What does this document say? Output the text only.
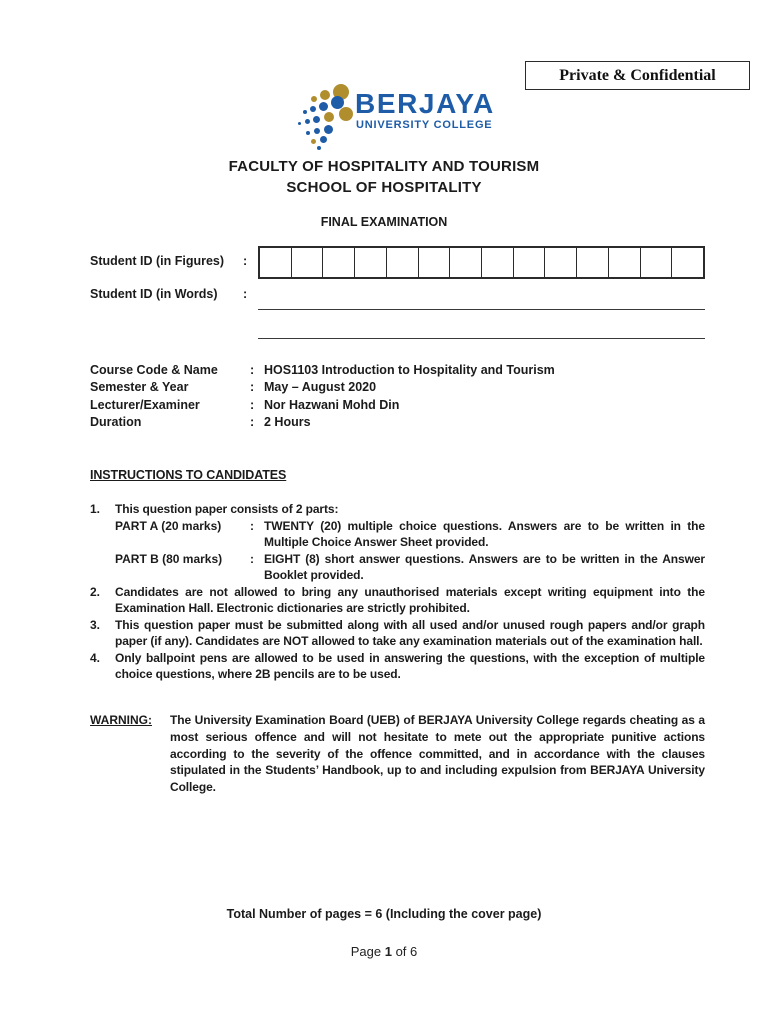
Private & Confidential
BERJAYA
UNIVERSITY COLLEGE
FACULTY OF HOSPITALITY AND TOURISM
SCHOOL OF HOSPITALITY
FINAL EXAMINATION
Student ID (in Figures) :
Student ID (in Words) :
Course Code & Name	: HOS1103 Introduction to Hospitality and Tourism
Semester & Year	: May – August 2020
Lecturer/Examiner	: Nor Hazwani Mohd Din
Duration	: 2 Hours
INSTRUCTIONS TO CANDIDATES
1.	This question paper consists of 2 parts:
PART A (20 marks)	: TWENTY (20) multiple choice questions. Answers are to be written in the Multiple Choice Answer Sheet provided.
PART B (80 marks)	: EIGHT (8) short answer questions. Answers are to be written in the Answer Booklet provided.
2.	Candidates are not allowed to bring any unauthorised materials except writing equipment into the Examination Hall. Electronic dictionaries are strictly prohibited.
3.	This question paper must be submitted along with all used and/or unused rough papers and/or graph paper (if any). Candidates are NOT allowed to take any examination materials out of the examination hall.
4.	Only ballpoint pens are allowed to be used in answering the questions, with the exception of multiple choice questions, where 2B pencils are to be used.
WARNING:	The University Examination Board (UEB) of BERJAYA University College regards cheating as a most serious offence and will not hesitate to mete out the appropriate punitive actions according to the severity of the offence committed, and in accordance with the clauses stipulated in the Students’ Handbook, up to and including expulsion from BERJAYA University College.
Total Number of pages = 6 (Including the cover page)
Page 1 of 6
